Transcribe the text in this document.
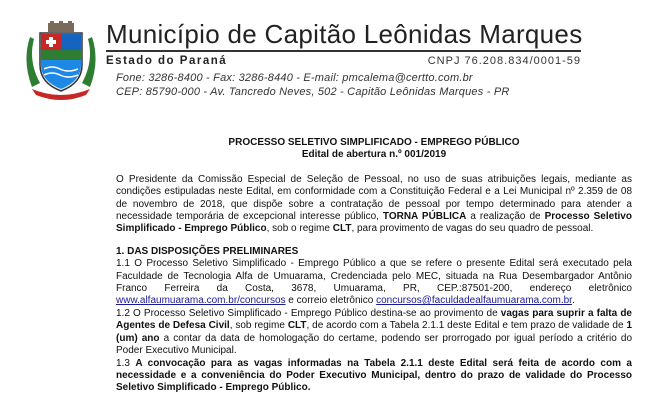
Município de Capitão Leônidas Marques
Estado do Paraná	CNPJ 76.208.834/0001-59
Fone: 3286-8400 - Fax: 3286-8440 - E-mail: pmcalema@certto.com.br
CEP: 85790-000 - Av. Tancredo Neves, 502 - Capitão Leônidas Marques - PR
PROCESSO SELETIVO SIMPLIFICADO - EMPREGO PÚBLICO
Edital de abertura n.º 001/2019

O Presidente da Comissão Especial de Seleção de Pessoal, no uso de suas atribuições legais, mediante as condições estipuladas neste Edital, em conformidade com a Constituição Federal e a Lei Municipal nº 2.359 de 08 de novembro de 2018, que dispõe sobre a contratação de pessoal por tempo determinado para atender a necessidade temporária de excepcional interesse público, TORNA PÚBLICA a realização de Processo Seletivo Simplificado - Emprego Público, sob o regime CLT, para provimento de vagas do seu quadro de pessoal.

1. DAS DISPOSIÇÕES PRELIMINARES

1.1 O Processo Seletivo Simplificado - Emprego Público a que se refere o presente Edital será executado pela Faculdade de Tecnologia Alfa de Umuarama, Credenciada pelo MEC, situada na Rua Desembargador Antônio Franco Ferreira da Costa, 3678, Umuarama, PR, CEP.:87501-200, endereço eletrônico www.alfaumuarama.com.br/concursos e correio eletrônico concursos@faculdadealfaumuarama.com.br.

1.2 O Processo Seletivo Simplificado - Emprego Público destina-se ao provimento de vagas para suprir a falta de Agentes de Defesa Civil, sob regime CLT, de acordo com a Tabela 2.1.1 deste Edital e tem prazo de validade de 1 (um) ano a contar da data de homologação do certame, podendo ser prorrogado por igual período a critério do Poder Executivo Municipal.

1.3 A convocação para as vagas informadas na Tabela 2.1.1 deste Edital será feita de acordo com a necessidade e a conveniência do Poder Executivo Municipal, dentro do prazo de validade do Processo Seletivo Simplificado - Emprego Público.
